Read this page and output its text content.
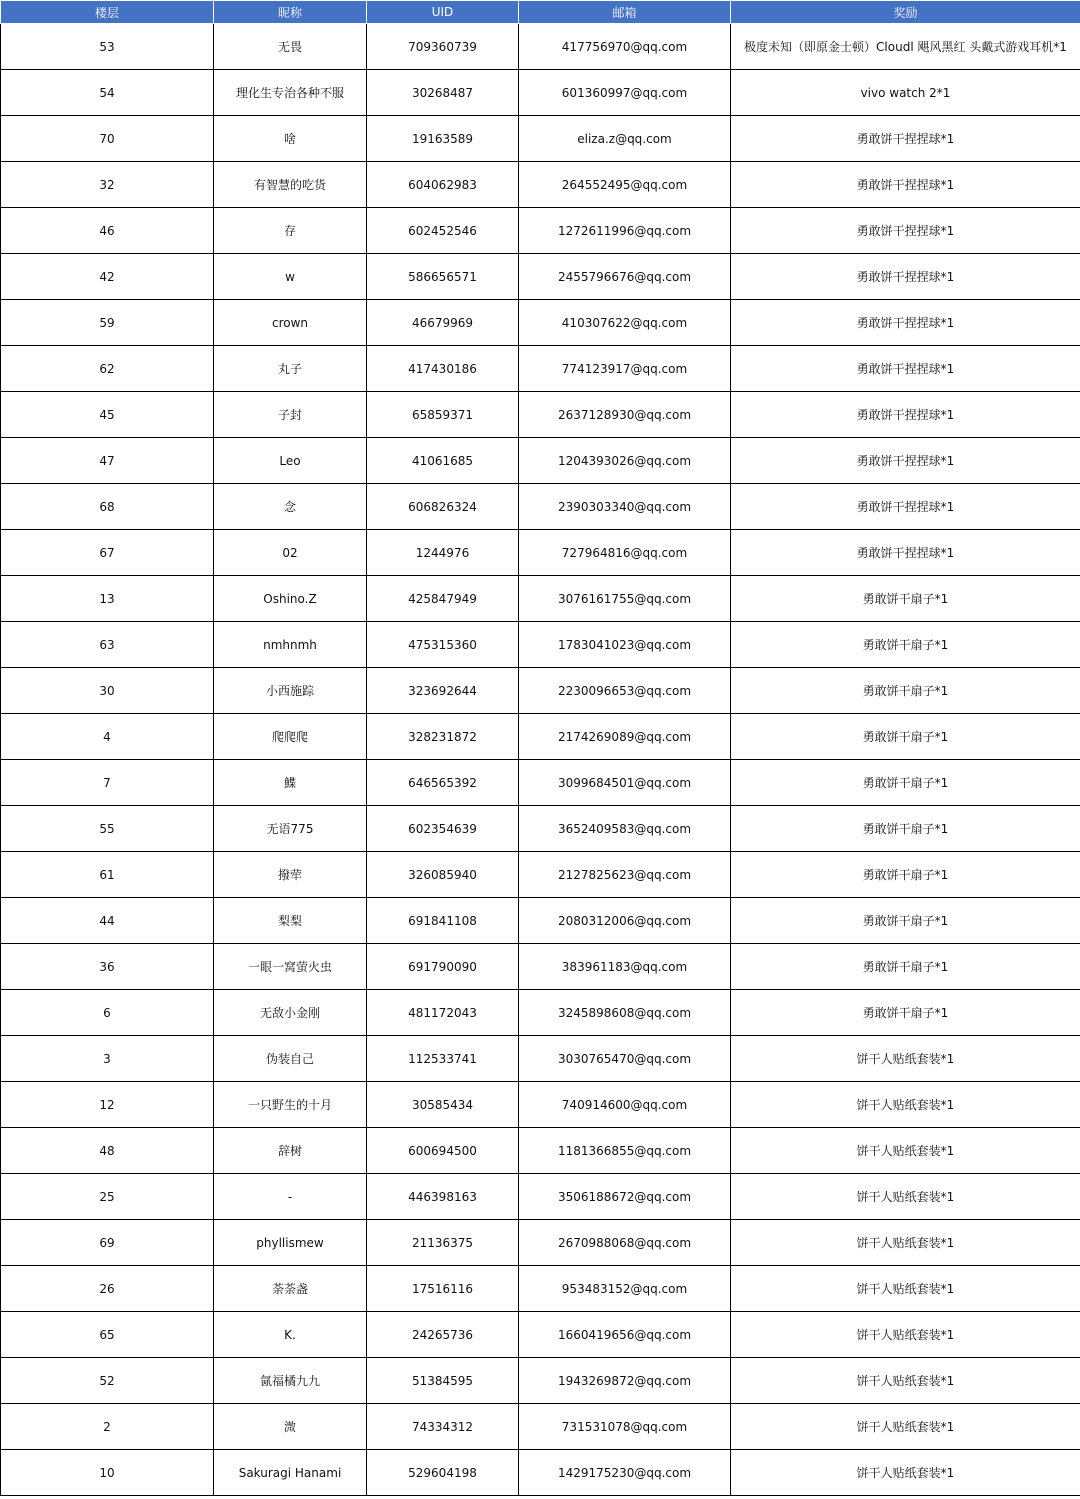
楼层	昵称	UID	邮箱	奖励
53	无畏	709360739	417756970@qq.com	极度未知（即原金士顿）Cloudl 飓风黑红 头戴式游戏耳机*1
54	理化生专治各种不服	30268487	601360997@qq.com	vivo watch 2*1
70	啥	19163589	eliza.z@qq.com	勇敢饼干捏捏球*1
32	有智慧的吃货	604062983	264552495@qq.com	勇敢饼干捏捏球*1
46	存	602452546	1272611996@qq.com	勇敢饼干捏捏球*1
42	w	586656571	2455796676@qq.com	勇敢饼干捏捏球*1
59	crown	46679969	410307622@qq.com	勇敢饼干捏捏球*1
62	丸子	417430186	774123917@qq.com	勇敢饼干捏捏球*1
45	子封	65859371	2637128930@qq.com	勇敢饼干捏捏球*1
47	Leo	41061685	1204393026@qq.com	勇敢饼干捏捏球*1
68	念	606826324	2390303340@qq.com	勇敢饼干捏捏球*1
67	02	1244976	727964816@qq.com	勇敢饼干捏捏球*1
13	Oshino.Z	425847949	3076161755@qq.com	勇敢饼干扇子*1
63	nmhnmh	475315360	1783041023@qq.com	勇敢饼干扇子*1
30	小西施踪	323692644	2230096653@qq.com	勇敢饼干扇子*1
4	爬爬爬	328231872	2174269089@qq.com	勇敢饼干扇子*1
7	鰈	646565392	3099684501@qq.com	勇敢饼干扇子*1
55	无语775	602354639	3652409583@qq.com	勇敢饼干扇子*1
61	撥荦	326085940	2127825623@qq.com	勇敢饼干扇子*1
44	梨梨	691841108	2080312006@qq.com	勇敢饼干扇子*1
36	一眼一窝萤火虫	691790090	383961183@qq.com	勇敢饼干扇子*1
6	无敌小金刚	481172043	3245898608@qq.com	勇敢饼干扇子*1
3	伪装自己	112533741	3030765470@qq.com	饼干人贴纸套装*1
12	一只野生的十月	30585434	740914600@qq.com	饼干人贴纸套装*1
48	辞树	600694500	1181366855@qq.com	饼干人贴纸套装*1
25	-	446398163	3506188672@qq.com	饼干人贴纸套装*1
69	phyllismew	21136375	2670988068@qq.com	饼干人贴纸套装*1
26	荼荼盏	17516116	953483152@qq.com	饼干人贴纸套装*1
65	K.	24265736	1660419656@qq.com	饼干人贴纸套装*1
52	氤福橘九九	51384595	1943269872@qq.com	饼干人贴纸套装*1
2	溦	74334312	731531078@qq.com	饼干人贴纸套装*1
10	Sakuragi Hanami	529604198	1429175230@qq.com	饼干人贴纸套装*1
